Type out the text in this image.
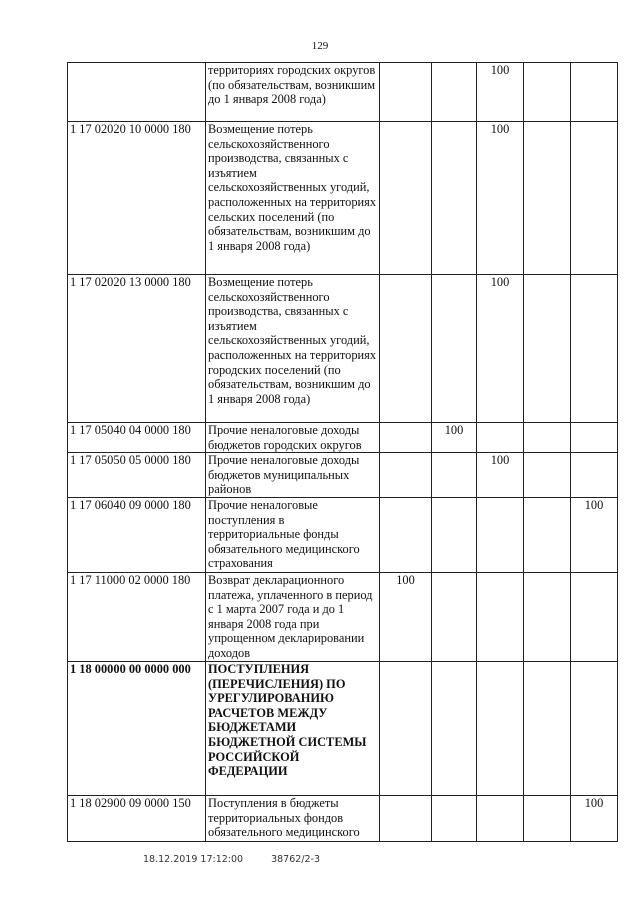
129
	территориях городских округов (по обязательствам, возникшим до 1 января 2008 года)			100		
1 17 02020 10 0000 180	Возмещение потерь сельскохозяйственного производства, связанных с изъятием сельскохозяйственных угодий, расположенных на территориях сельских поселений (по обязательствам, возникшим до 1 января 2008 года)			100		
1 17 02020 13 0000 180	Возмещение потерь сельскохозяйственного производства, связанных с изъятием сельскохозяйственных угодий, расположенных на территориях городских поселений (по обязательствам, возникшим до 1 января 2008 года)			100		
1 17 05040 04 0000 180	Прочие неналоговые доходы бюджетов городских округов		100			
1 17 05050 05 0000 180	Прочие неналоговые доходы бюджетов муниципальных районов			100		
1 17 06040 09 0000 180	Прочие неналоговые поступления в территориальные фонды обязательного медицинского страхования					100
1 17 11000 02 0000 180	Возврат декларационного платежа, уплаченного в период с 1 марта 2007 года и до 1 января 2008 года при упрощенном декларировании доходов	100				
1 18 00000 00 0000 000	ПОСТУПЛЕНИЯ (ПЕРЕЧИСЛЕНИЯ) ПО УРЕГУЛИРОВАНИЮ РАСЧЕТОВ МЕЖДУ БЮДЖЕТАМИ БЮДЖЕТНОЙ СИСТЕМЫ РОССИЙСКОЙ ФЕДЕРАЦИИ					
1 18 02900 09 0000 150	Поступления в бюджеты территориальных фондов обязательного медицинского					100
18.12.2019 17:12:00	38762/2-3
